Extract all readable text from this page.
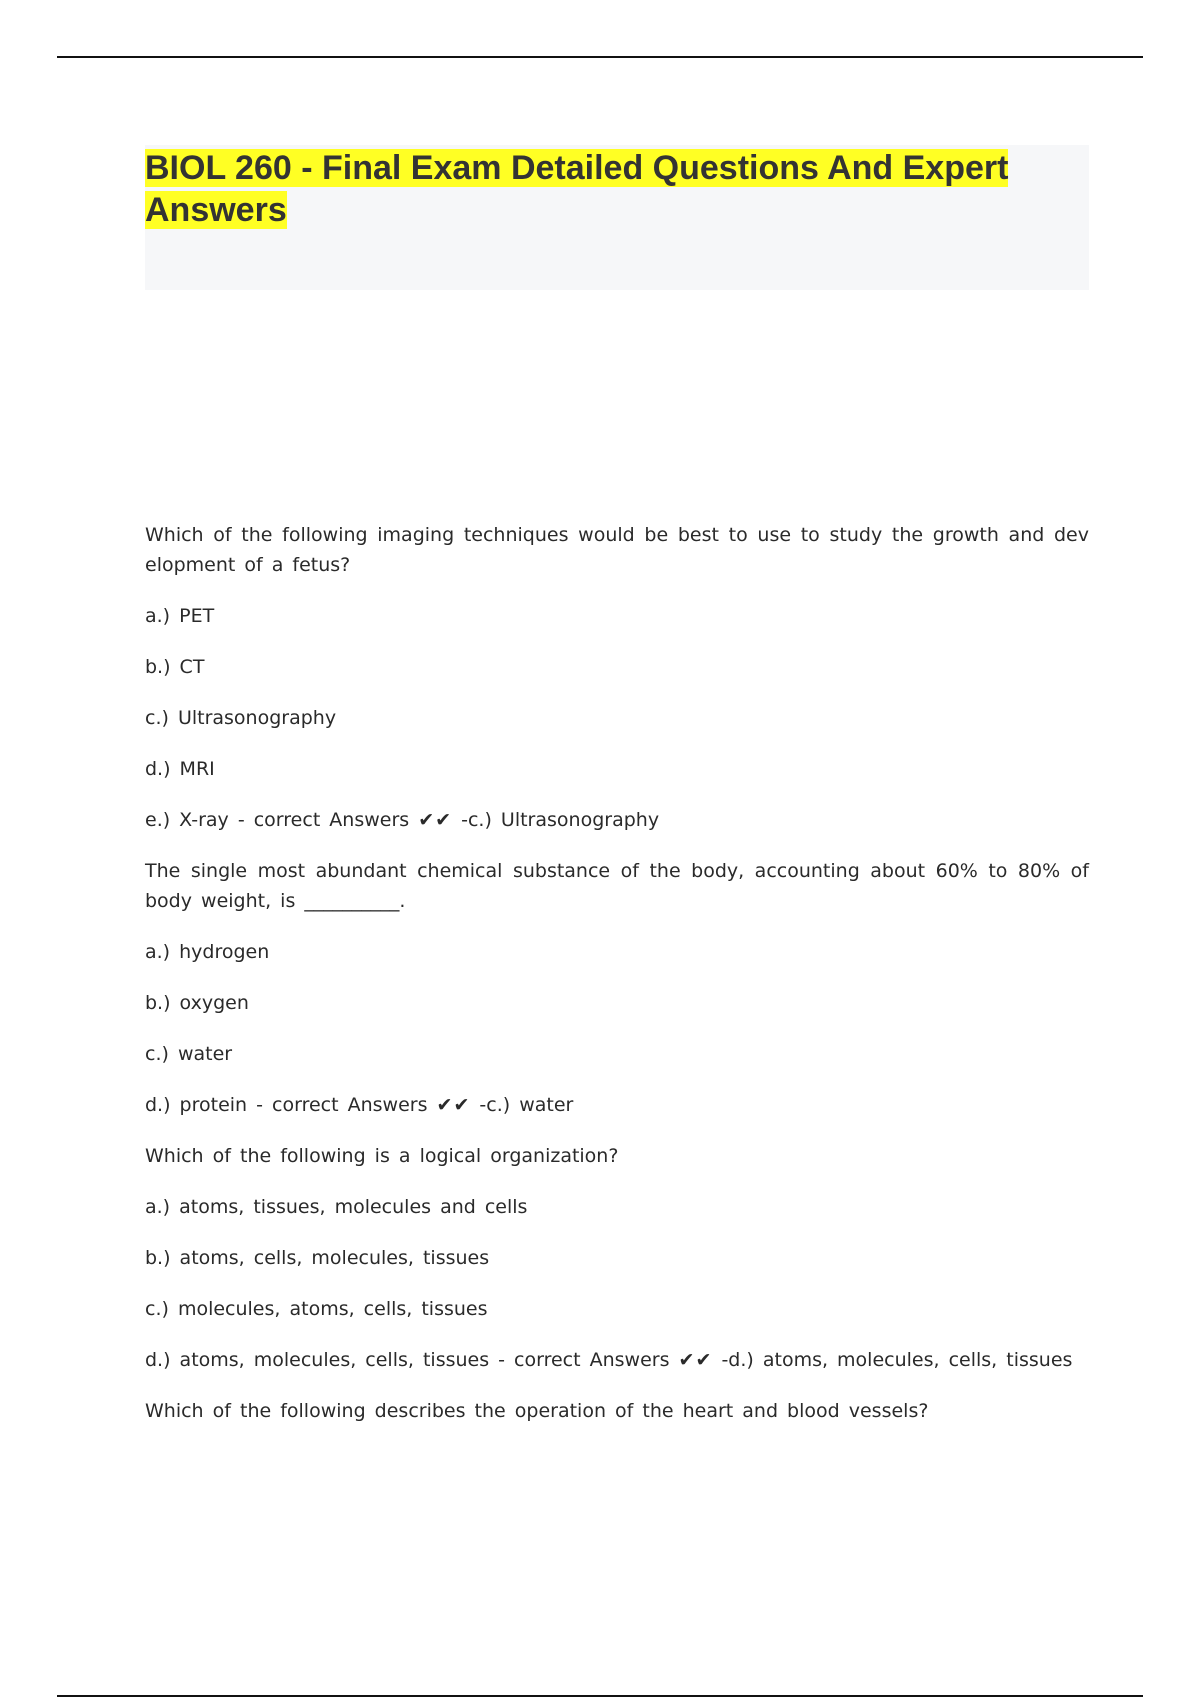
BIOL 260 - Final Exam Detailed Questions And Expert Answers

Which of the following imaging techniques would be best to use to study the growth and development of a fetus?

a.) PET

b.) CT

c.) Ultrasonography

d.) MRI

e.) X-ray - correct Answers ✔✔ -c.) Ultrasonography

The single most abundant chemical substance of the body, accounting about 60% to 80% of body weight, is __________.

a.) hydrogen

b.) oxygen

c.) water

d.) protein - correct Answers ✔✔ -c.) water

Which of the following is a logical organization?

a.) atoms, tissues, molecules and cells

b.) atoms, cells, molecules, tissues

c.) molecules, atoms, cells, tissues

d.) atoms, molecules, cells, tissues - correct Answers ✔✔ -d.) atoms, molecules, cells, tissues

Which of the following describes the operation of the heart and blood vessels?
